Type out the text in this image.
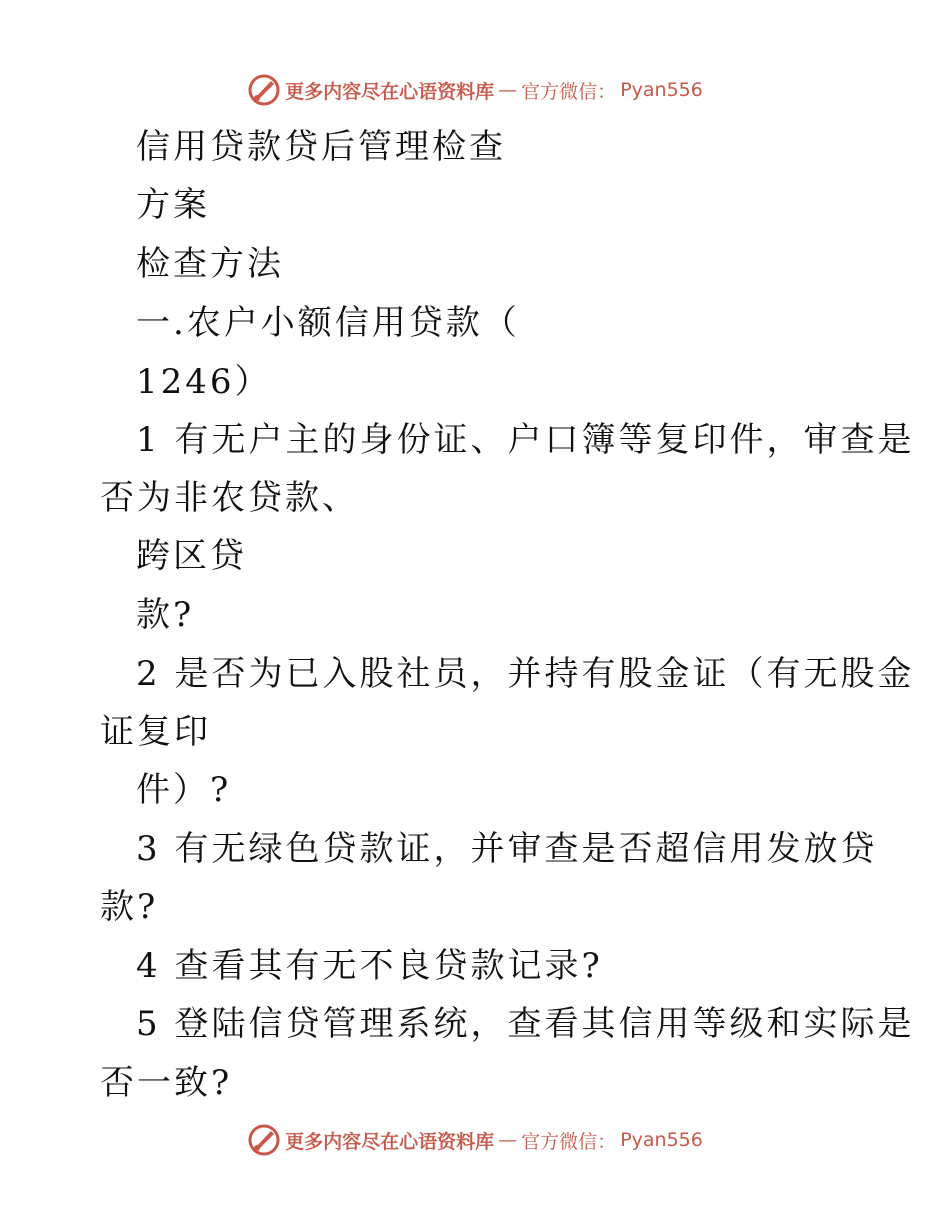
更多内容尽在心语资料库 — 官方微信： Pyan556
信用贷款贷后管理检查
方案
检查方法
一.农户小额信用贷款（
1246）
1 有无户主的身份证、户口簿等复印件，审查是
否为非农贷款、
跨区贷
款?
2 是否为已入股社员，并持有股金证（有无股金
证复印
件）?
3 有无绿色贷款证，并审查是否超信用发放贷
款?
4 查看其有无不良贷款记录?
5 登陆信贷管理系统，查看其信用等级和实际是
否一致?
更多内容尽在心语资料库 — 官方微信： Pyan556
